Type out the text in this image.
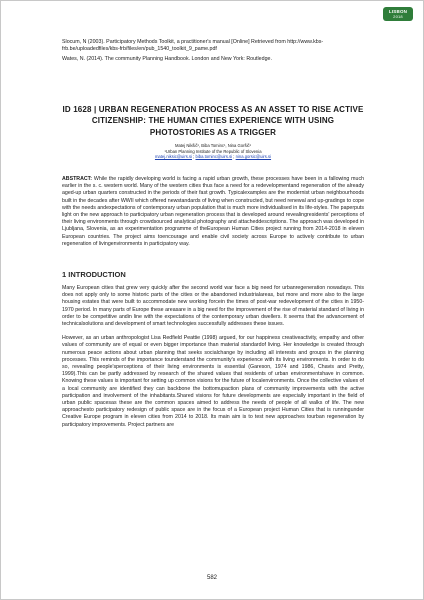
LISBON
2018

Slocum, N (2003). Participatory Methods Toolkit, a practitioner's manual [Online] Retrieved from http://www.kbs-frb.be/uploadedfiles/kbs-frb/files/en/pub_1540_toolkit_9_pame.pdf

Wates, N. (2014). The community Planning Handbook. London and New York: Routledge.

ID 1628 | URBAN REGENERATION PROCESS AS AN ASSET TO RISE ACTIVE CITIZENSHIP: THE HUMAN CITIES EXPERIENCE WITH USING PHOTOSTORIES AS A TRIGGER
Matej Nikšič¹, Biba Tominc¹, Nina Goršič¹
¹Urban Planning Institute of the Republic of Slovenia
matej.niksic@uirs.si ; biba.tominc@uirs.si ; nina.gorsic@uirs.si

ABSTRACT: While the rapidly developing world is facing a rapid urban growth, these processes have been in a fallowing much earlier in the s. c. western world. Many of the western cities thus face a need for a redevelopmentand regeneration of the already aged-up urban quarters constructed in the periods of their fast growth. Typicalexamples are the modernist urban neighbourhoods built in the decades after WWII which offered newstandards of living when constructed, but need renewal and up-gradings to cope with the needs andexpectations of contemporary urban population that is much more individualised in its life-styles. The paperputs light on the new approach to participatory urban regeneration process that is developed around revealingresidents' perceptions of their living environments through crowdsourced analytical photography and attacheddescriptions. The approach was developed in Ljubljana, Slovenia, as an experimentation programme of theEuropean Human Cities project running from 2014-2018 in eleven European countries. The project aims toencourage and enable civil society across Europe to actively contribute to urban regeneration of livingenvironments in participatory way.

1 INTRODUCTION

Many European cities that grew very quickly after the second world war face a big need for urbanregeneration nowadays. This does not apply only to some historic parts of the cities or the abandoned industrialareas, but more and more also to the large housing estates that were built to accommodate new working forcein the times of post-war redevelopment of the cities in 1950-1970 period. In many parts of Europe these areasare in a big need for the improvement of the rise of material standard of living in order to be competitive andin line with the expectations of the contemporary urban dwellers. It seems that the advancement of technicalsolutions and development of smart technologies successfully addresses these issues.

However, as an urban anthropologist Lisa Redfield Peattie (1998) argued, for our happiness creativeactivity, empathy and other values of community are of equal or even bigger importance than material standardof living. Her knowledge is created through numerous peace actions about urban planning that seeks socialchange by including all interests and groups in the planning processes. This reminds of the importance tounderstand the community's experience with its living environments. In order to do so, revealing people'sperceptions of their living environments is essential (Gareson, 1974 and 1986, Chavis and Pretty, 1999).This can be partly addressed by research of the shared values that residents of urban environmentshave in common. Knowing these values is important for setting up common visions for the future of localenvironments. Once the collective values of a local community are identified they can backbone the bottomupaction plans of community improvements with the active participation and involvement of the inhabitants.Shared visions for future developments are especially important in the field of urban public spacesas these are the common spaces aimed to address the needs of people of all walks of life. The new approachesto participatory redesign of public space are in the focus of a European project Human Cities that is runningunder Creative Europe program in eleven cities from 2014 to 2018. Its main aim is to test new approaches tourban regeneration by participatory improvements. Project partners are

582
